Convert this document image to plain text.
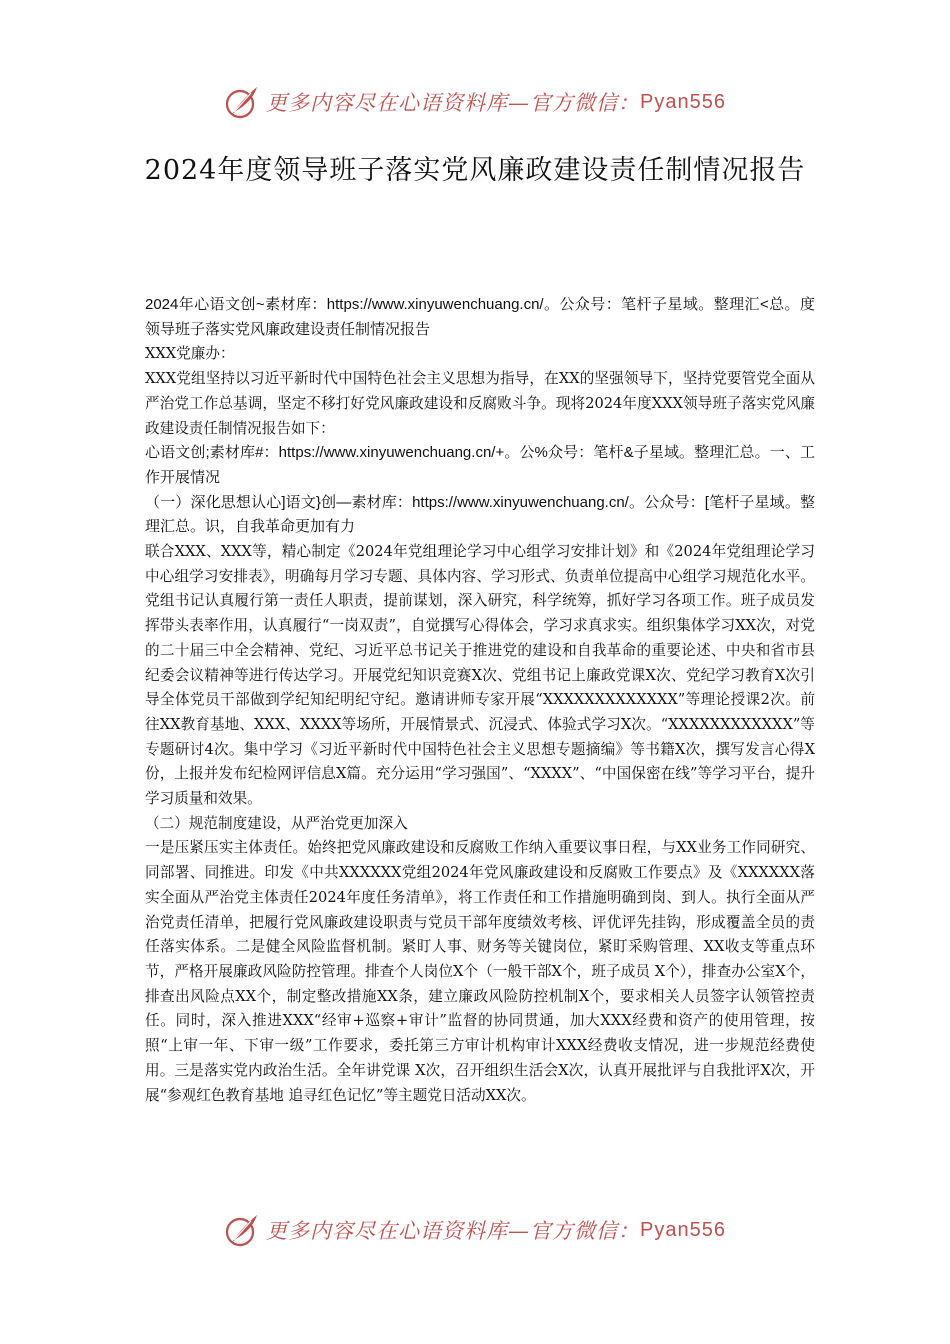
更多内容尽在心语资料库—官方微信： Pyan556
2024年度领导班子落实党风廉政建设责任制情况报告

2024年心语文创~素材库：https://www.xinyuwenchuang.cn/。公众号：笔杆子星域。整理汇<总。度领导班子落实党风廉政建设责任制情况报告

XXX党廉办：

XXX党组坚持以习近平新时代中国特色社会主义思想为指导，在XX的坚强领导下，坚持党要管党全面从严治党工作总基调，坚定不移打好党风廉政建设和反腐败斗争。现将2024年度XXX领导班子落实党风廉政建设责任制情况报告如下：

心语文创;素材库#：https://www.xinyuwenchuang.cn/+。公%众号：笔杆&子星域。整理汇总。一、工作开展情况

（一）深化思想认心]语文}创—素材库：https://www.xinyuwenchuang.cn/。公众号：[笔杆子星域。整理汇总。识，自我革命更加有力

联合XXX、XXX等，精心制定《2024年党组理论学习中心组学习安排计划》和《2024年党组理论学习中心组学习安排表》，明确每月学习专题、具体内容、学习形式、负责单位提高中心组学习规范化水平。党组书记认真履行第一责任人职责，提前谋划，深入研究，科学统筹，抓好学习各项工作。班子成员发挥带头表率作用，认真履行“一岗双责”，自觉撰写心得体会，学习求真求实。组织集体学习XX次，对党的二十届三中全会精神、党纪、习近平总书记关于推进党的建设和自我革命的重要论述、中央和省市县纪委会议精神等进行传达学习。开展党纪知识竞赛X次、党组书记上廉政党课X次、党纪学习教育X次引导全体党员干部做到学纪知纪明纪守纪。邀请讲师专家开展“XXXXXXXXXXXXX”等理论授课2次。前往XX教育基地、XXX、XXXX等场所，开展情景式、沉浸式、体验式学习X次。“XXXXXXXXXXXX”等专题研讨4次。集中学习《习近平新时代中国特色社会主义思想专题摘编》等书籍X次，撰写发言心得X份，上报并发布纪检网评信息X篇。充分运用“学习强国”、“XXXX”、“中国保密在线”等学习平台，提升学习质量和效果。

（二）规范制度建设，从严治党更加深入

一是压紧压实主体责任。始终把党风廉政建设和反腐败工作纳入重要议事日程，与XX业务工作同研究、同部署、同推进。印发《中共XXXXXX党组2024年党风廉政建设和反腐败工作要点》及《XXXXXX落实全面从严治党主体责任2024年度任务清单》，将工作责任和工作措施明确到岗、到人。执行全面从严治党责任清单，把履行党风廉政建设职责与党员干部年度绩效考核、评优评先挂钩，形成覆盖全员的责任落实体系。二是健全风险监督机制。紧盯人事、财务等关键岗位，紧盯采购管理、XX收支等重点环节，严格开展廉政风险防控管理。排查个人岗位X个（一般干部X个，班子成员 X个），排查办公室X个，排查出风险点XX个，制定整改措施XX条，建立廉政风险防控机制X个，要求相关人员签字认领管控责任。同时，深入推进XXX“经审+巡察+审计”监督的协同贯通，加大XXX经费和资产的使用管理，按照“上审一年、下审一级”工作要求，委托第三方审计机构审计XXX经费收支情况，进一步规范经费使用。三是落实党内政治生活。全年讲党课 X次，召开组织生活会X次，认真开展批评与自我批评X次，开展“参观红色教育基地 追寻红色记忆”等主题党日活动XX次。

更多内容尽在心语资料库—官方微信： Pyan556
